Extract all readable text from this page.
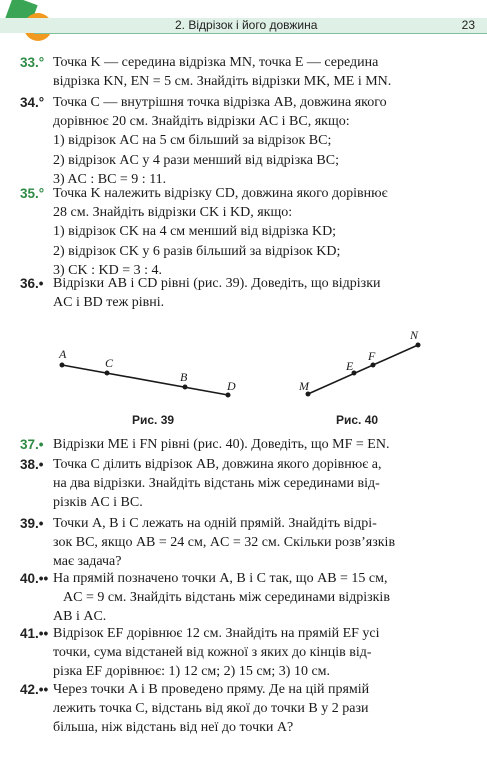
2. Відрізок і його довжина	23
33.° Точка K — середина відрізка MN, точка E — середина
відрізка KN, EN = 5 см. Знайдіть відрізки MK, ME і MN.
34.° Точка C — внутрішня точка відрізка AB, довжина якого
дорівнює 20 см. Знайдіть відрізки AC і BC, якщо:
1) відрізок AC на 5 см більший за відрізок BC;
2) відрізок AC у 4 рази менший від відрізка BC;
3) AC : BC = 9 : 11.
35.° Точка K належить відрізку CD, довжина якого дорівнює
28 см. Знайдіть відрізки CK і KD, якщо:
1) відрізок CK на 4 см менший від відрізка KD;
2) відрізок CK у 6 разів більший за відрізок KD;
3) CK : KD = 3 : 4.
36.• Відрізки AB і CD рівні (рис. 39). Доведіть, що відрізки
AC і BD теж рівні.
A
C
B
D
Рис. 39
M
E
F
N
Рис. 40
37.• Відрізки ME і FN рівні (рис. 40). Доведіть, що MF = EN.
38.• Точка C ділить відрізок AB, довжина якого дорівнює a,
на два відрізки. Знайдіть відстань між серединами від-
різків AC і BC.
39.• Точки A, B і C лежать на одній прямій. Знайдіть відрі-
зок BC, якщо AB = 24 см, AC = 32 см. Скільки розв’язків
має задача?
40.•• На прямій позначено точки A, B і C так, що AB = 15 см,
AC = 9 см. Знайдіть відстань між серединами відрізків
AB і AC.
41.•• Відрізок EF дорівнює 12 см. Знайдіть на прямій EF усі
точки, сума відстаней від кожної з яких до кінців від-
різка EF дорівнює: 1) 12 см; 2) 15 см; 3) 10 см.
42.•• Через точки A і B проведено пряму. Де на цій прямій
лежить точка C, відстань від якої до точки B у 2 рази
більша, ніж відстань від неї до точки A?
